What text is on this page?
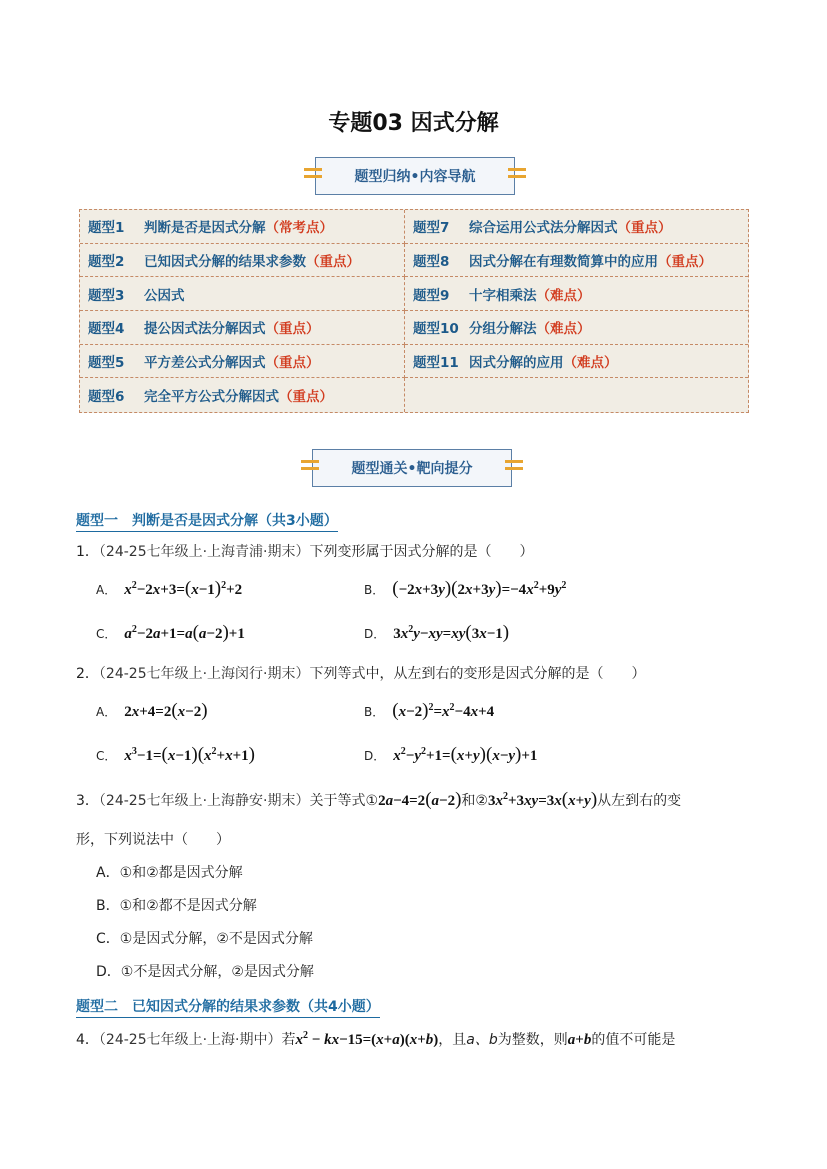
专题03 因式分解
题型归纳•内容导航
题型1	判断是否是因式分解 （常考点）	题型7	综合运用公式法分解因式 （重点）
题型2	已知因式分解的结果求参数 （重点）	题型8	因式分解在有理数简算中的应用 （重点）
题型3	公因式	题型9	十字相乘法 （难点）
题型4	提公因式法分解因式 （重点）	题型10 分组分解法 （难点）
题型5	平方差公式分解因式 （重点）	题型11 因式分解的应用 （难点）
题型6	完全平方公式分解因式 （重点）
题型通关•靶向提分
题型一　判断是否是因式分解（共3小题）
1．（24-25七年级上·上海青浦·期末）下列变形属于因式分解的是（　　）
A． $x^2-2x+3=(x-1)^2+2$	B． $(-2x+3y)(2x+3y)=-4x^2+9y^2$
C． $a^2-2a+1=a(a-2)+1$	D． $3x^2y-xy=xy(3x-1)$
2．（24-25七年级上·上海闵行·期末）下列等式中，从左到右的变形是因式分解的是（　　）
A． 2x+4=2(x−2)	B． $(x-2)^2=x^2-4x+4$
C． $x^3-1=(x-1)(x^2+x+1)$	D． $x^2-y^2+1=(x+y)(x-y)+1$
3．（24-25七年级上·上海静安·期末）关于等式①2a−4=2(a−2)和$②3x^2+3xy=3x(x+y)$从左到右的变
形，下列说法中（　　）
A．①和②都是因式分解
B．①和②都不是因式分解
C．①是因式分解，②不是因式分解
D．①不是因式分解，②是因式分解
题型二　已知因式分解的结果求参数（共4小题）
4．（24-25七年级上·上海·期中）若$x^2 - kx-15=(x+a)(x+b)$，且a、b为整数，则a+b的值不可能是
